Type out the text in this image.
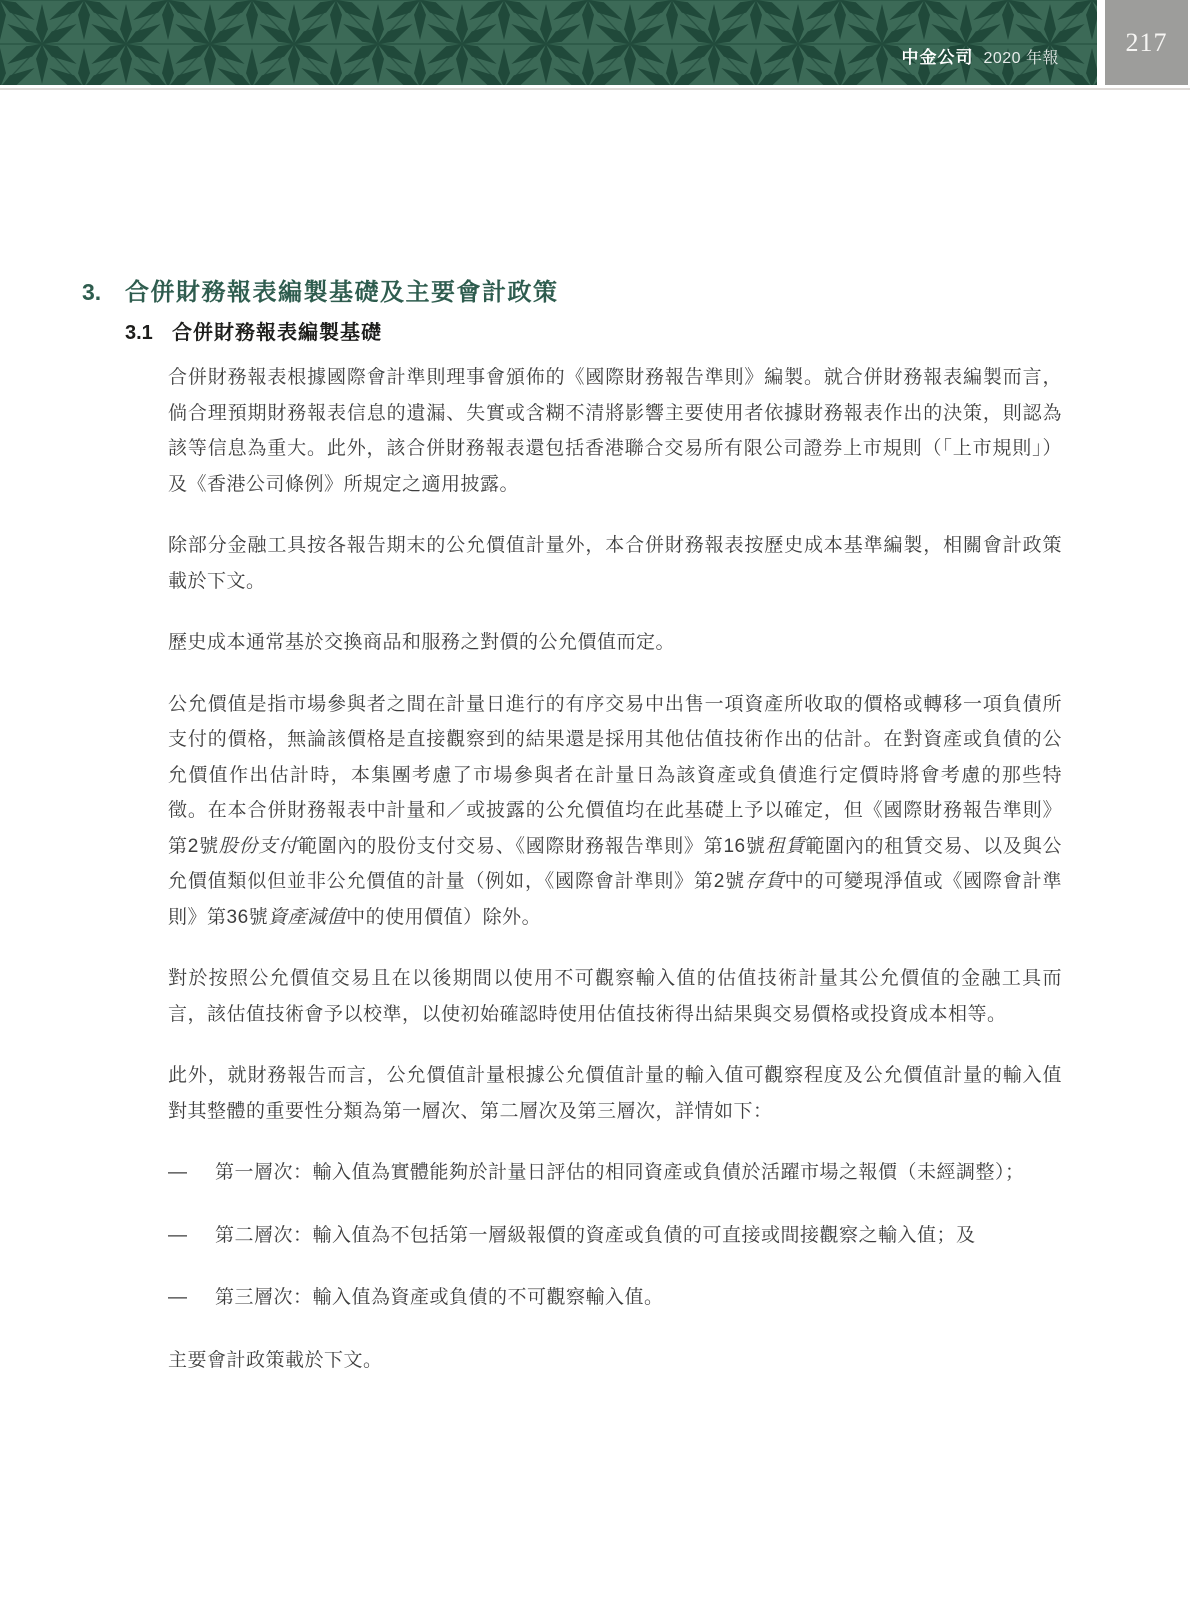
中金公司 2020 年報
217
3. 合併財務報表編製基礎及主要會計政策
3.1 合併財務報表編製基礎

合併財務報表根據國際會計準則理事會頒佈的《國際財務報告準則》編製。就合併財務報表編製而言，倘合理預期財務報表信息的遺漏、失實或含糊不清將影響主要使用者依據財務報表作出的決策，則認為該等信息為重大。此外，該合併財務報表還包括香港聯合交易所有限公司證券上市規則（「上市規則」）及《香港公司條例》所規定之適用披露。

除部分金融工具按各報告期末的公允價值計量外，本合併財務報表按歷史成本基準編製，相關會計政策載於下文。

歷史成本通常基於交換商品和服務之對價的公允價值而定。

公允價值是指市場參與者之間在計量日進行的有序交易中出售一項資產所收取的價格或轉移一項負債所支付的價格，無論該價格是直接觀察到的結果還是採用其他估值技術作出的估計。在對資產或負債的公允價值作出估計時，本集團考慮了市場參與者在計量日為該資產或負債進行定價時將會考慮的那些特徵。在本合併財務報表中計量和／或披露的公允價值均在此基礎上予以確定，但《國際財務報告準則》第2號股份支付範圍內的股份支付交易、《國際財務報告準則》第16號租賃範圍內的租賃交易、以及與公允價值類似但並非公允價值的計量（例如，《國際會計準則》第2號存貨中的可變現淨值或《國際會計準則》第36號資產減值中的使用價值）除外。

對於按照公允價值交易且在以後期間以使用不可觀察輸入值的估值技術計量其公允價值的金融工具而言，該估值技術會予以校準，以使初始確認時使用估值技術得出結果與交易價格或投資成本相等。

此外，就財務報告而言，公允價值計量根據公允價值計量的輸入值可觀察程度及公允價值計量的輸入值對其整體的重要性分類為第一層次、第二層次及第三層次，詳情如下：

—	第一層次：輸入值為實體能夠於計量日評估的相同資產或負債於活躍市場之報價（未經調整）；
—	第二層次：輸入值為不包括第一層級報價的資產或負債的可直接或間接觀察之輸入值；及
—	第三層次：輸入值為資產或負債的不可觀察輸入值。

主要會計政策載於下文。
